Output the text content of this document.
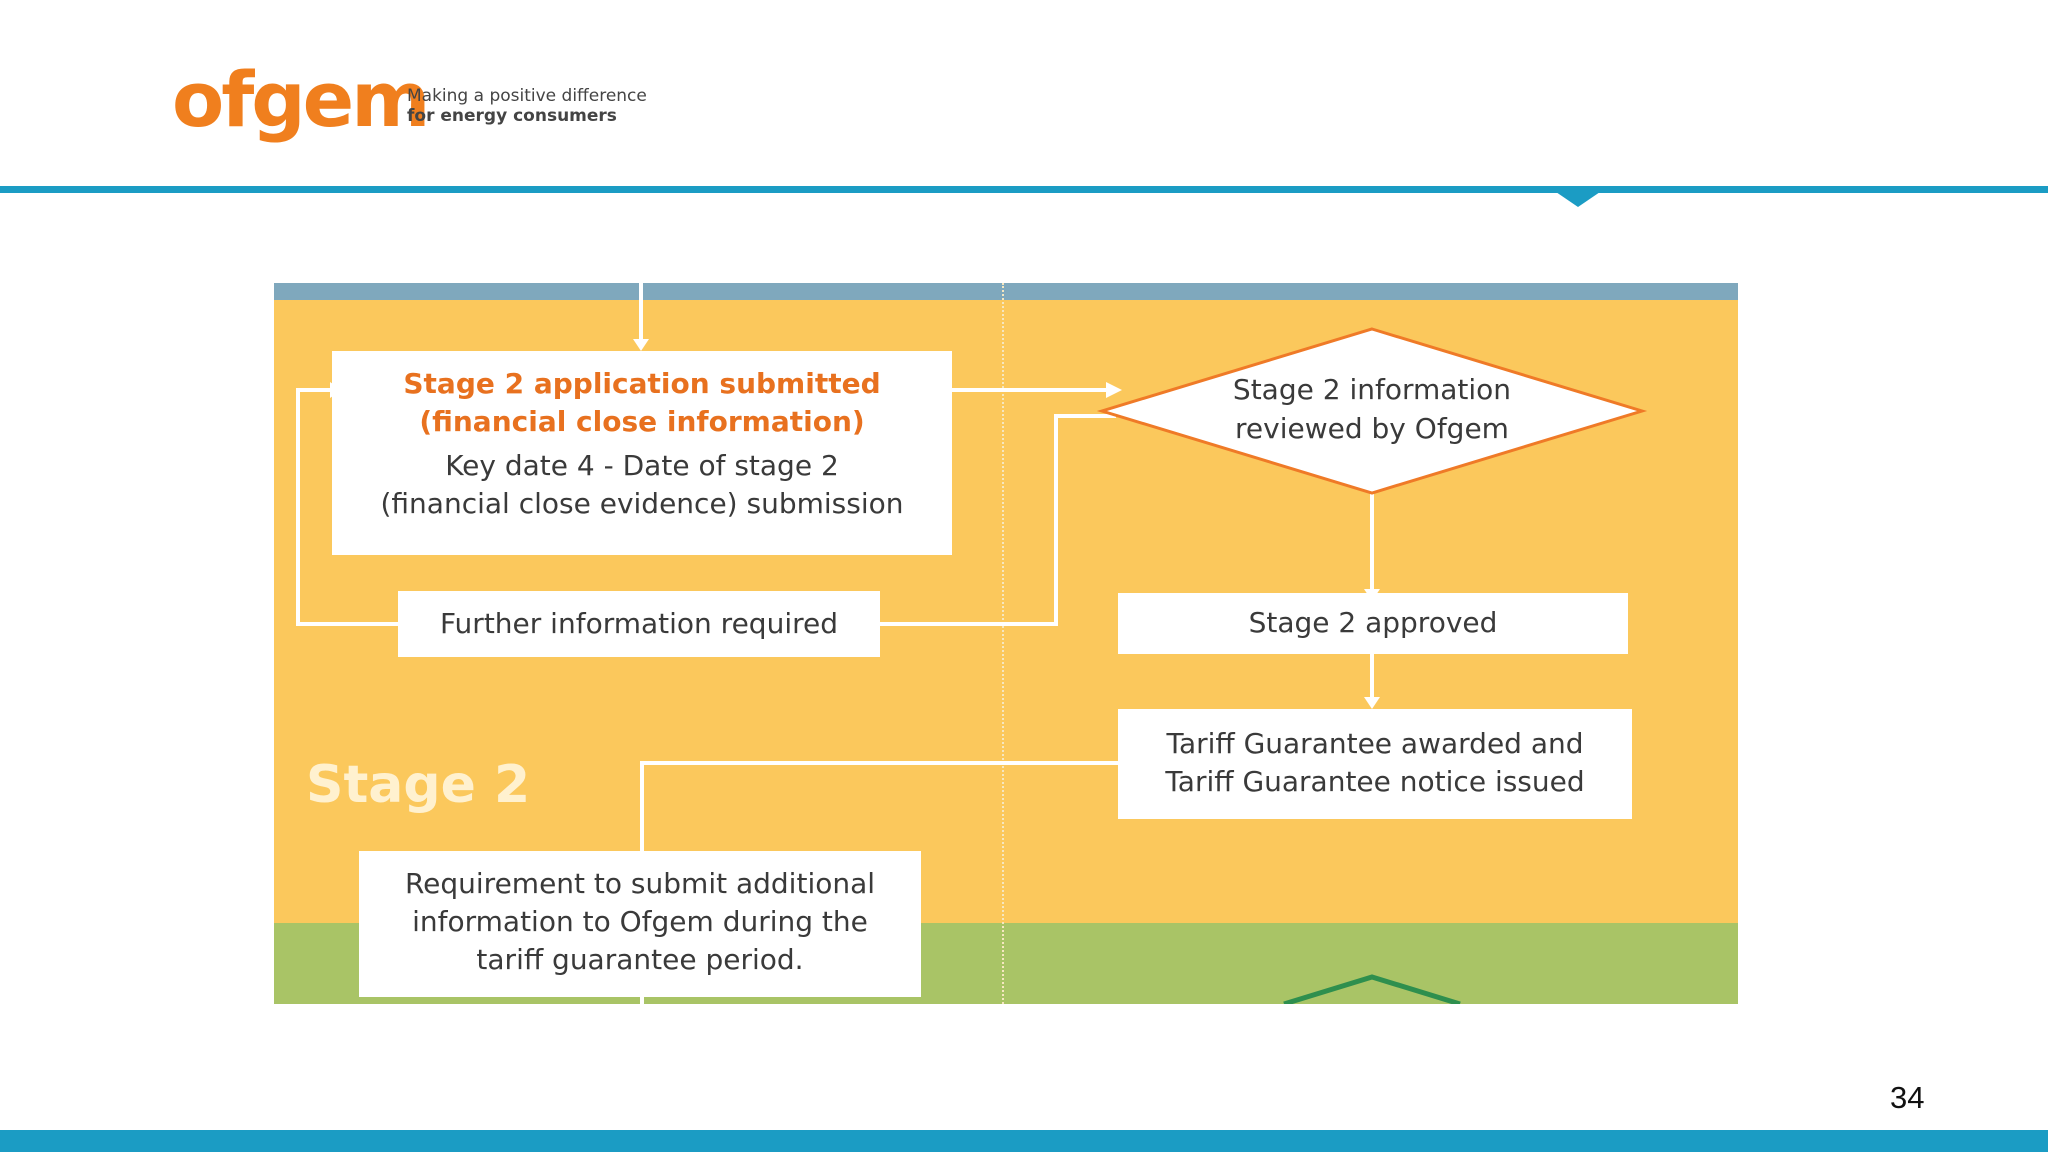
ofgem
Making a positive difference
for energy consumers
Stage 2 information
reviewed by Ofgem
Stage 2 application submitted
(financial close information)
Key date 4 - Date of stage 2
(financial close evidence) submission
Further information required	Stage 2 approved
Tariff Guarantee awarded and
Tariff Guarantee notice issued
Stage 2
Requirement to submit additional
information to Ofgem during the
tariff guarantee period.
34
